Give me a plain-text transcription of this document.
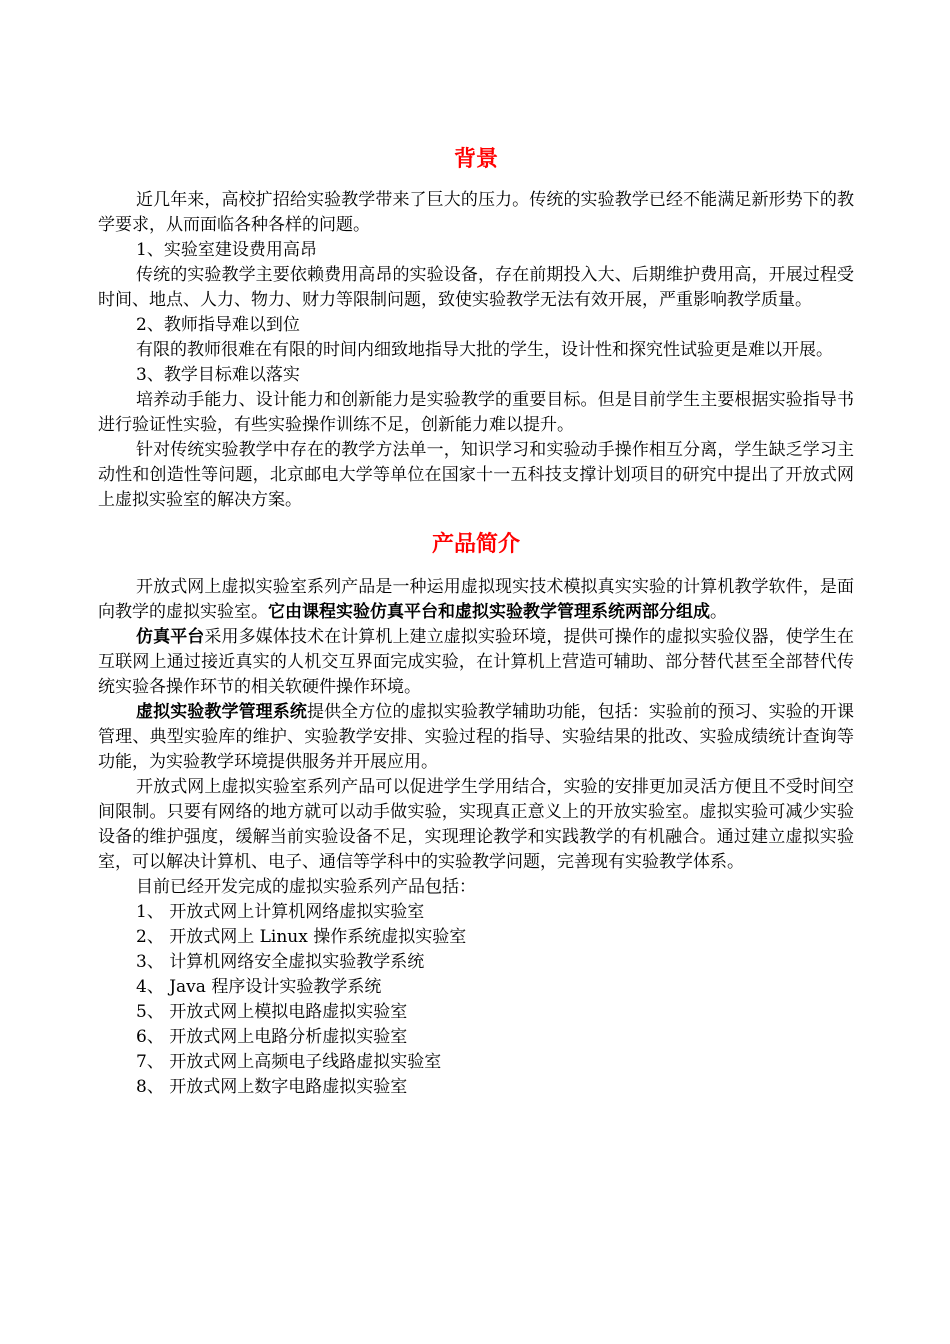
背景

近几年来，高校扩招给实验教学带来了巨大的压力。传统的实验教学已经不能满足新形势下的教学要求，从而面临各种各样的问题。

1、实验室建设费用高昂

传统的实验教学主要依赖费用高昂的实验设备，存在前期投入大、后期维护费用高，开展过程受时间、地点、人力、物力、财力等限制问题，致使实验教学无法有效开展，严重影响教学质量。

2、教师指导难以到位

有限的教师很难在有限的时间内细致地指导大批的学生，设计性和探究性试验更是难以开展。

3、教学目标难以落实

培养动手能力、设计能力和创新能力是实验教学的重要目标。但是目前学生主要根据实验指导书进行验证性实验，有些实验操作训练不足，创新能力难以提升。

针对传统实验教学中存在的教学方法单一，知识学习和实验动手操作相互分离，学生缺乏学习主动性和创造性等问题，北京邮电大学等单位在国家十一五科技支撑计划项目的研究中提出了开放式网上虚拟实验室的解决方案。

产品简介

开放式网上虚拟实验室系列产品是一种运用虚拟现实技术模拟真实实验的计算机教学软件，是面向教学的虚拟实验室。它由课程实验仿真平台和虚拟实验教学管理系统两部分组成。

仿真平台采用多媒体技术在计算机上建立虚拟实验环境，提供可操作的虚拟实验仪器，使学生在互联网上通过接近真实的人机交互界面完成实验，在计算机上营造可辅助、部分替代甚至全部替代传统实验各操作环节的相关软硬件操作环境。

虚拟实验教学管理系统提供全方位的虚拟实验教学辅助功能，包括：实验前的预习、实验的开课管理、典型实验库的维护、实验教学安排、实验过程的指导、实验结果的批改、实验成绩统计查询等功能，为实验教学环境提供服务并开展应用。

开放式网上虚拟实验室系列产品可以促进学生学用结合，实验的安排更加灵活方便且不受时间空间限制。只要有网络的地方就可以动手做实验，实现真正意义上的开放实验室。虚拟实验可减少实验设备的维护强度，缓解当前实验设备不足，实现理论教学和实践教学的有机融合。通过建立虚拟实验室，可以解决计算机、电子、通信等学科中的实验教学问题，完善现有实验教学体系。

目前已经开发完成的虚拟实验系列产品包括：

1、 开放式网上计算机网络虚拟实验室
2、 开放式网上 Linux 操作系统虚拟实验室
3、 计算机网络安全虚拟实验教学系统
4、 Java 程序设计实验教学系统
5、 开放式网上模拟电路虚拟实验室
6、 开放式网上电路分析虚拟实验室
7、 开放式网上高频电子线路虚拟实验室
8、 开放式网上数字电路虚拟实验室
